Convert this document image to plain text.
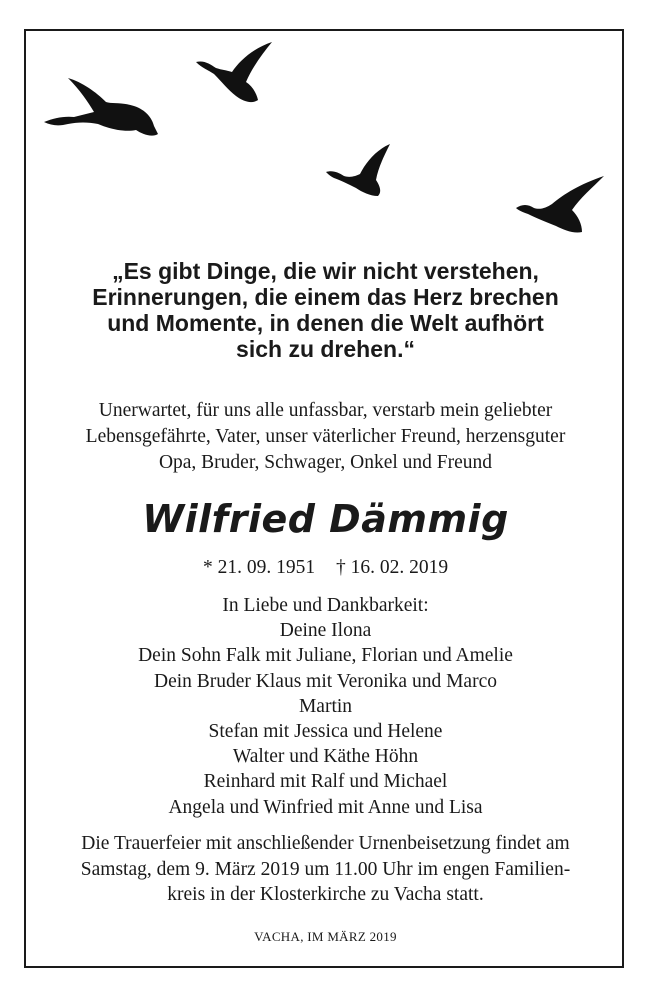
„Es gibt Dinge, die wir nicht verstehen,
Erinnerungen, die einem das Herz brechen
und Momente, in denen die Welt aufhört
sich zu drehen.“
Unerwartet, für uns alle unfassbar, verstarb mein geliebter
Lebensgefährte, Vater, unser väterlicher Freund, herzensguter
Opa, Bruder, Schwager, Onkel und Freund
Wilfried Dämmig
* 21. 09. 1951 † 16. 02. 2019
In Liebe und Dankbarkeit:
Deine Ilona
Dein Sohn Falk mit Juliane, Florian und Amelie
Dein Bruder Klaus mit Veronika und Marco
Martin
Stefan mit Jessica und Helene
Walter und Käthe Höhn
Reinhard mit Ralf und Michael
Angela und Winfried mit Anne und Lisa
Die Trauerfeier mit anschließender Urnenbeisetzung findet am
Samstag, dem 9. März 2019 um 11.00 Uhr im engen Familien-
kreis in der Klosterkirche zu Vacha statt.
VACHA, IM MÄRZ 2019
